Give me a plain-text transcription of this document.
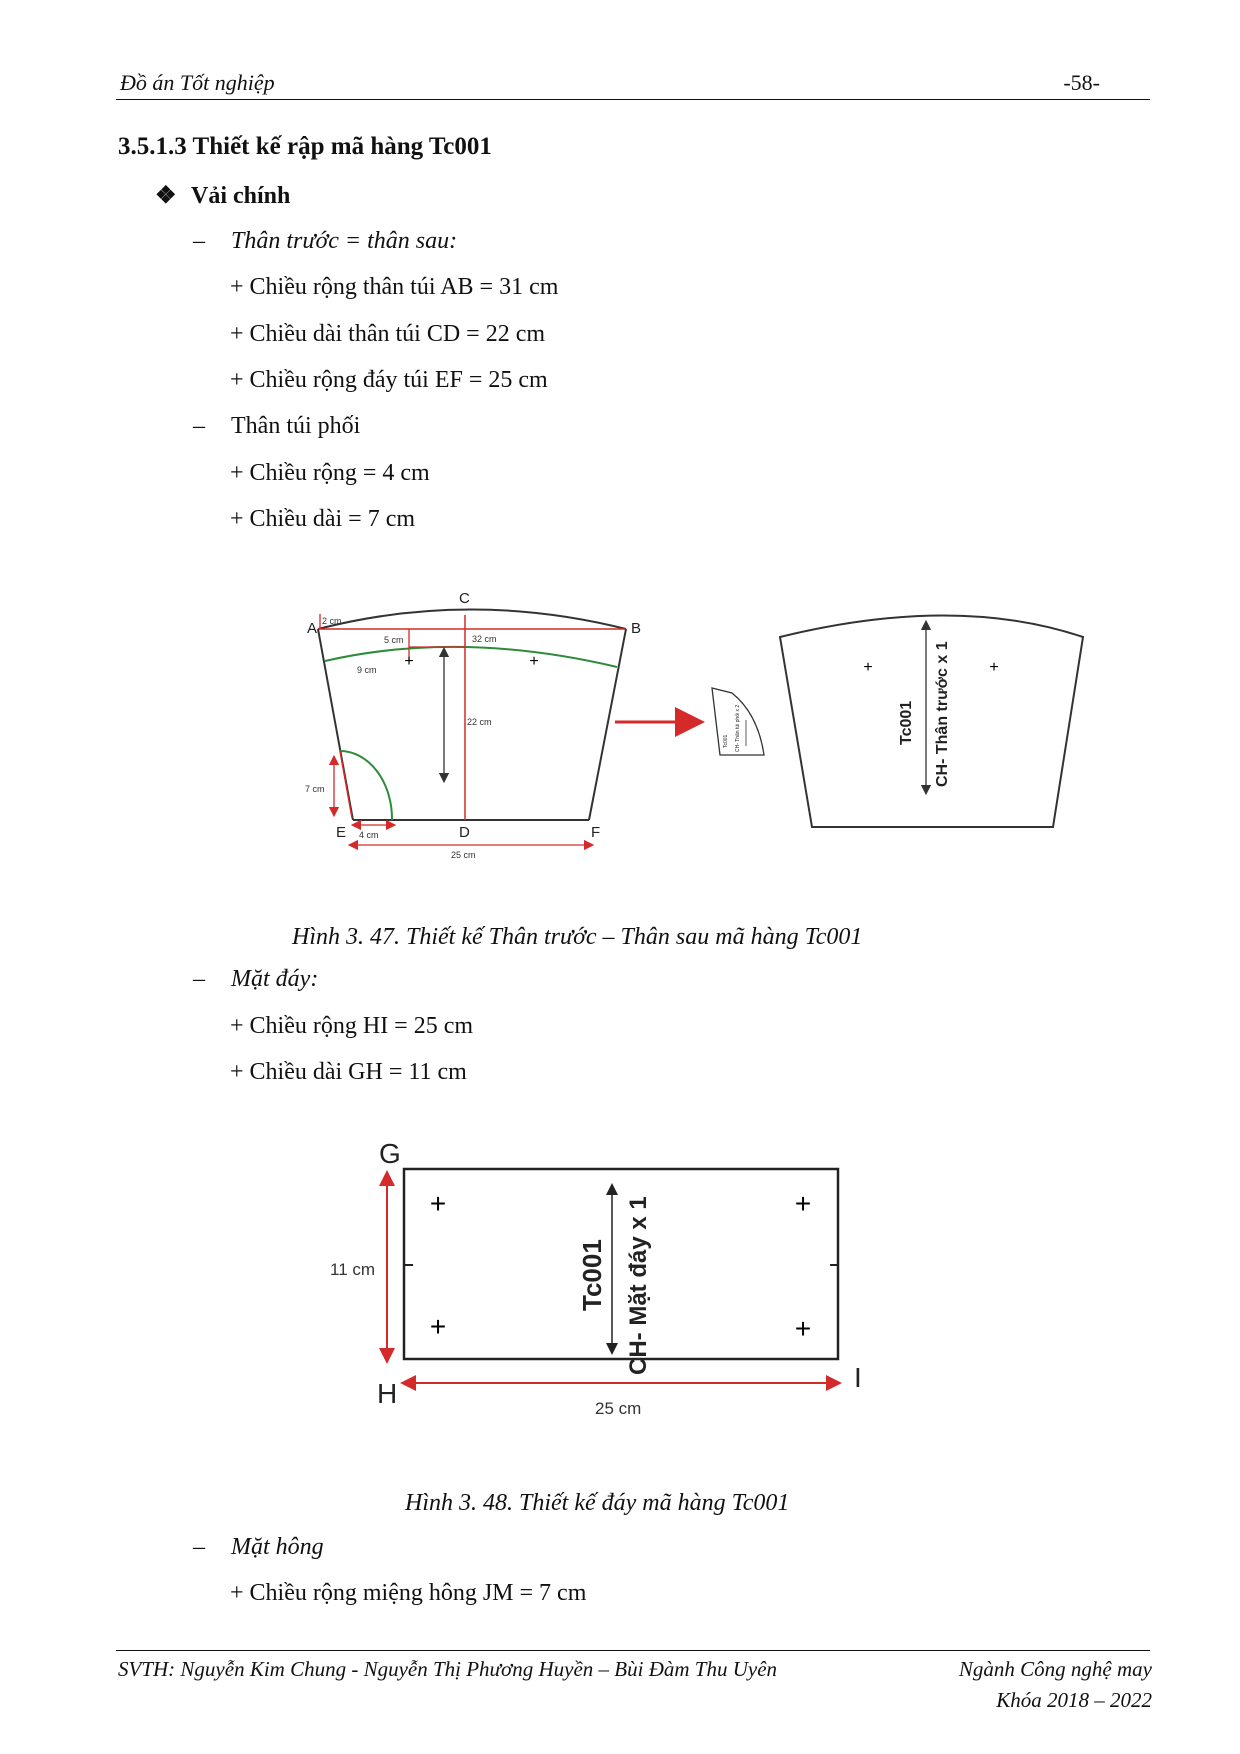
Đồ án Tốt nghiệp	-58-
3.5.1.3 Thiết kế rập mã hàng Tc001
❖ Vải chính
– Thân trước = thân sau:
+ Chiều rộng thân túi AB = 31 cm
+ Chiều dài thân túi CD = 22 cm
+ Chiều rộng đáy túi EF = 25 cm
– Thân túi phối
+ Chiều rộng = 4 cm
+ Chiều dài = 7 cm
+	+
A	B
C
D
E	F
2 cm
5 cm	32 cm
9 cm
22 cm
7 cm
4 cm
25 cm
Tc001 CH- Thân túi phối x 2
+	+
Tc001 CH- Thân trước x 1
Hình 3. 47. Thiết kế Thân trước – Thân sau mã hàng Tc001
– Mặt đáy:
+ Chiều rộng HI = 25 cm
+ Chiều dài GH = 11 cm
+	+
+	+
Tc001 CH- Mặt đáy x 1
G
H
I
11 cm
25 cm
Hình 3. 48. Thiết kế đáy mã hàng Tc001
– Mặt hông
+ Chiều rộng miệng hông JM = 7 cm
SVTH: Nguyễn Kim Chung - Nguyễn Thị Phương Huyền – Bùi Đàm Thu Uyên	Ngành Công nghệ may
Khóa 2018 – 2022
